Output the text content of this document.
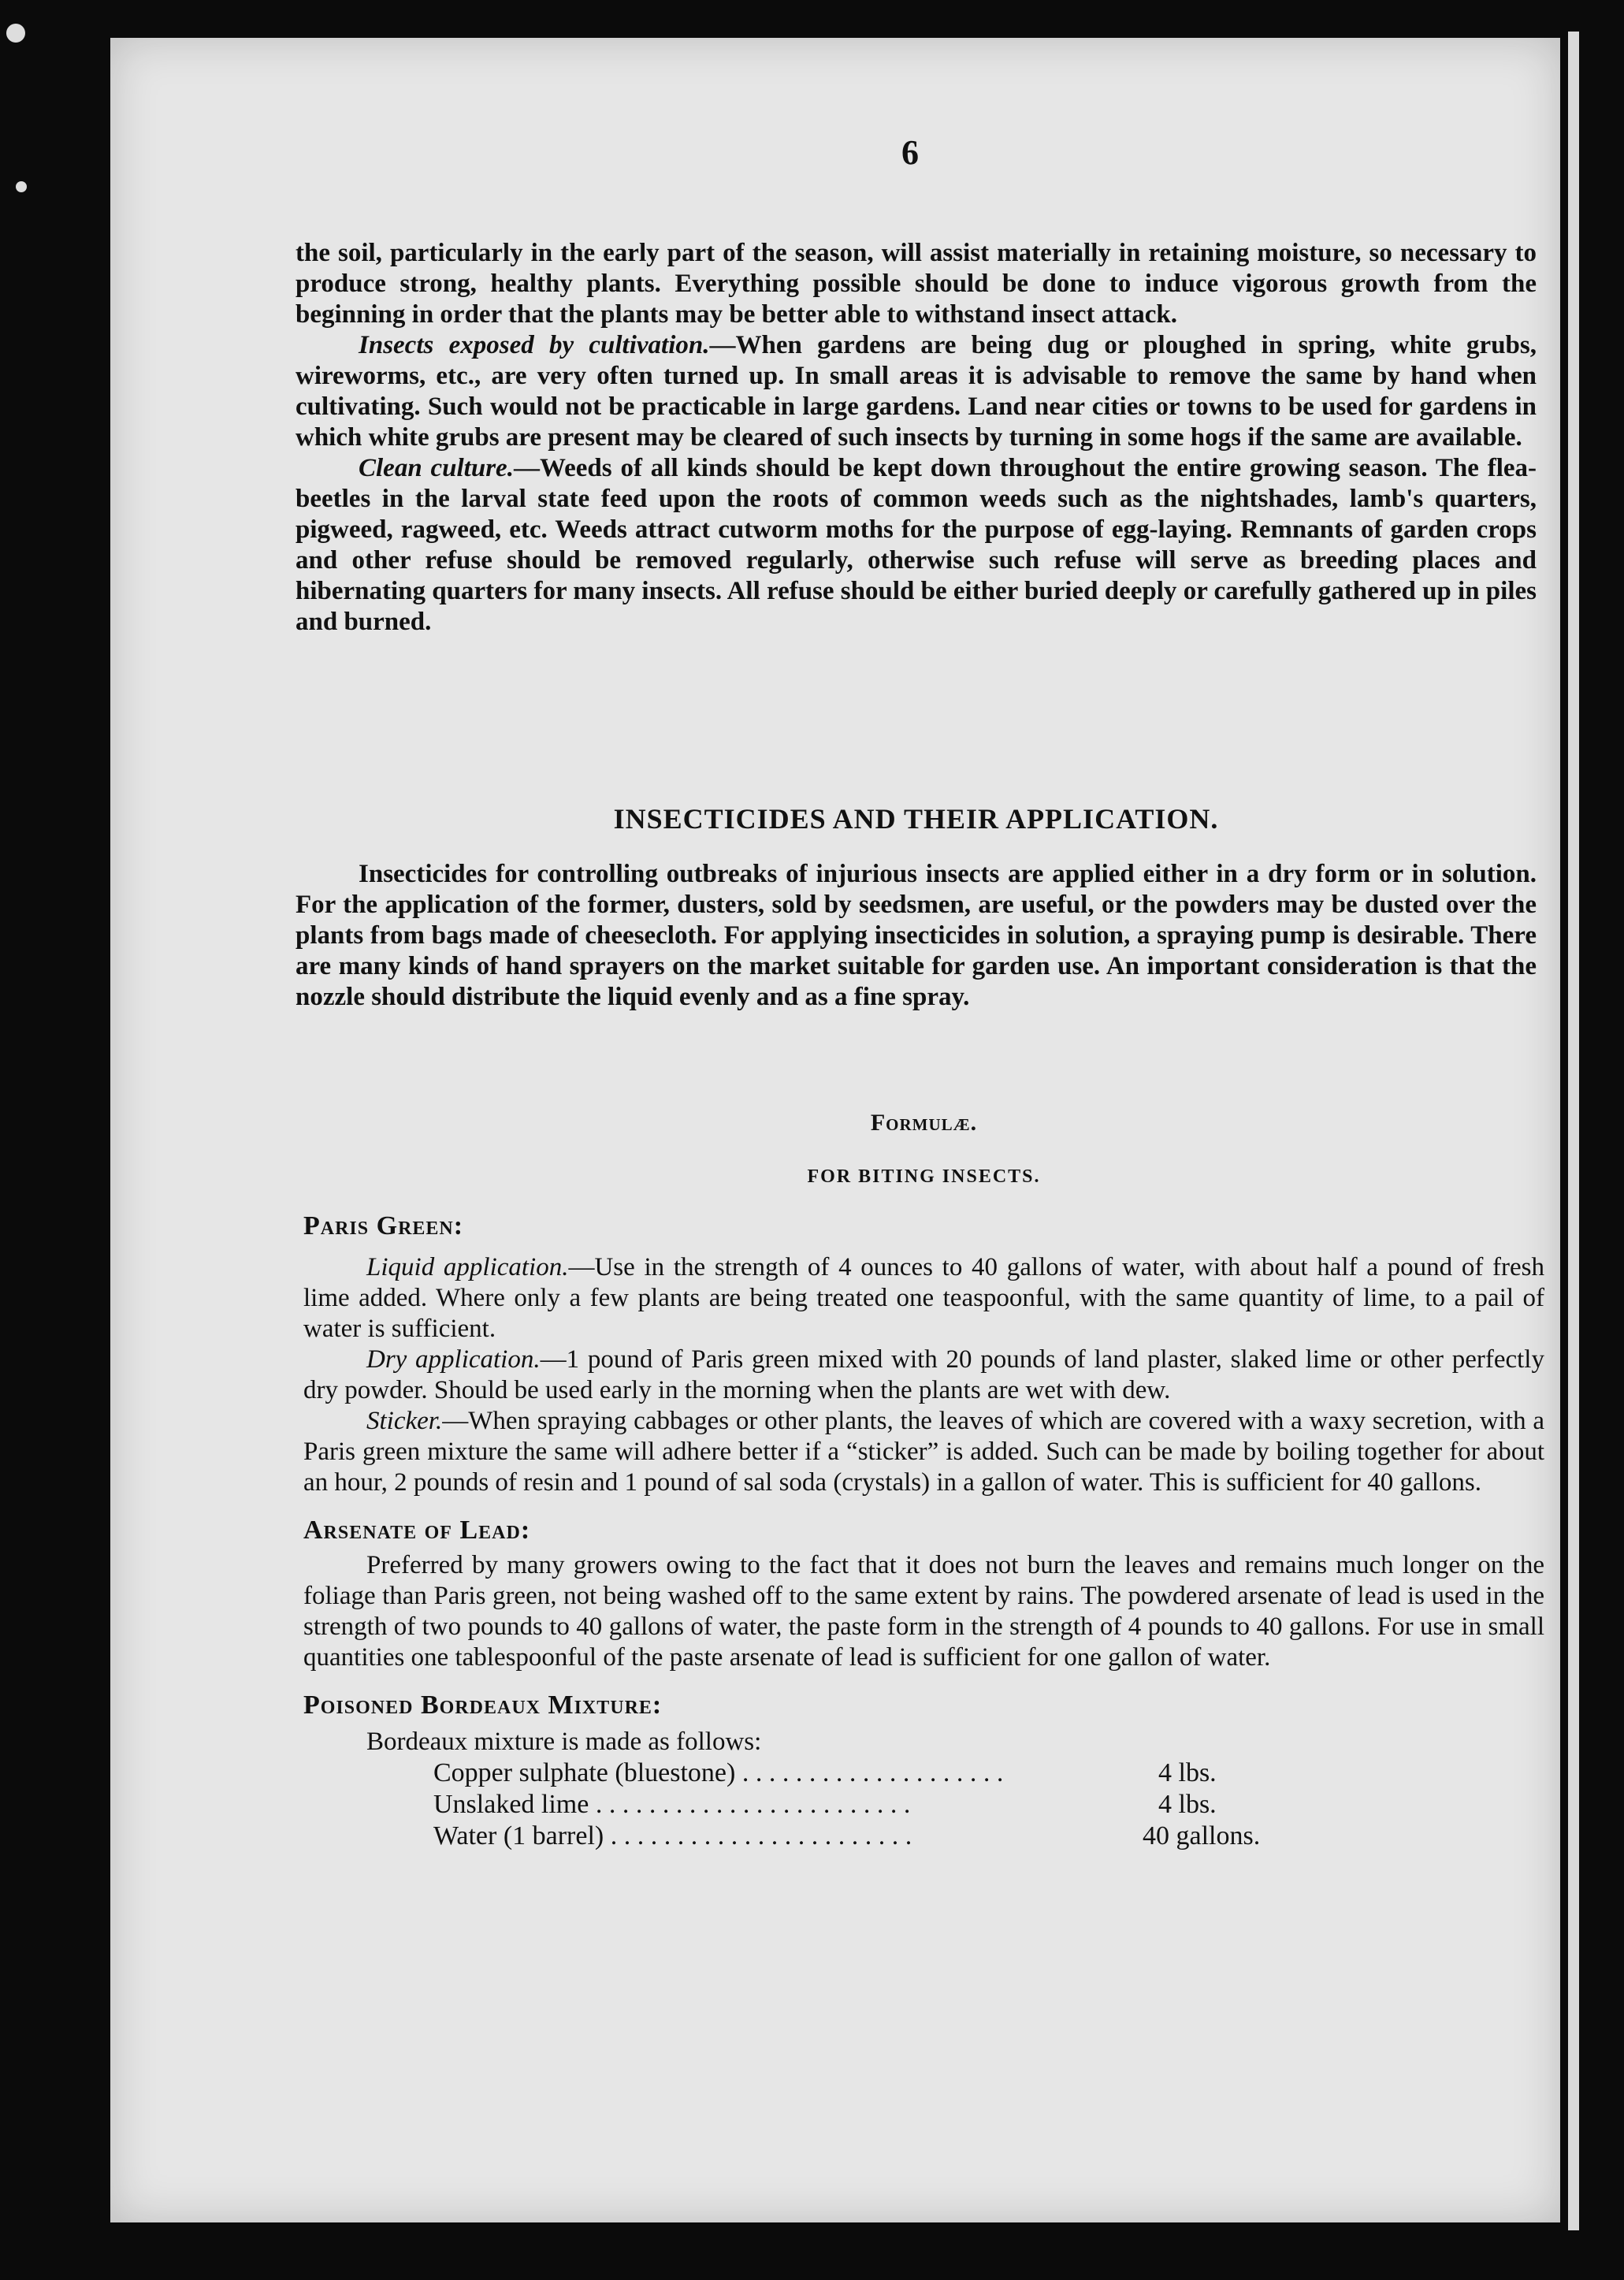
6

the soil, particularly in the early part of the season, will assist materially in retaining moisture, so necessary to produce strong, healthy plants. Everything possible should be done to induce vigorous growth from the beginning in order that the plants may be better able to withstand insect attack.

Insects exposed by cultivation.—When gardens are being dug or ploughed in spring, white grubs, wireworms, etc., are very often turned up. In small areas it is advisable to remove the same by hand when cultivating. Such would not be practicable in large gardens. Land near cities or towns to be used for gardens in which white grubs are present may be cleared of such insects by turning in some hogs if the same are available.

Clean culture.—Weeds of all kinds should be kept down throughout the entire growing season. The flea-beetles in the larval state feed upon the roots of common weeds such as the nightshades, lamb's quarters, pigweed, ragweed, etc. Weeds attract cutworm moths for the purpose of egg-laying. Remnants of garden crops and other refuse should be removed regularly, otherwise such refuse will serve as breeding places and hibernating quarters for many insects. All refuse should be either buried deeply or carefully gathered up in piles and burned.

INSECTICIDES AND THEIR APPLICATION.

Insecticides for controlling outbreaks of injurious insects are applied either in a dry form or in solution. For the application of the former, dusters, sold by seedsmen, are useful, or the powders may be dusted over the plants from bags made of cheesecloth. For applying insecticides in solution, a spraying pump is desirable. There are many kinds of hand sprayers on the market suitable for garden use. An important consideration is that the nozzle should distribute the liquid evenly and as a fine spray.

Formulæ.
FOR BITING INSECTS.
Paris Green:

Liquid application.—Use in the strength of 4 ounces to 40 gallons of water, with about half a pound of fresh lime added. Where only a few plants are being treated one teaspoonful, with the same quantity of lime, to a pail of water is sufficient.

Dry application.—1 pound of Paris green mixed with 20 pounds of land plaster, slaked lime or other perfectly dry powder. Should be used early in the morning when the plants are wet with dew.

Sticker.—When spraying cabbages or other plants, the leaves of which are covered with a waxy secretion, with a Paris green mixture the same will adhere better if a “sticker” is added. Such can be made by boiling together for about an hour, 2 pounds of resin and 1 pound of sal soda (crystals) in a gallon of water. This is sufficient for 40 gallons.

Arsenate of Lead:

Preferred by many growers owing to the fact that it does not burn the leaves and remains much longer on the foliage than Paris green, not being washed off to the same extent by rains. The powdered arsenate of lead is used in the strength of two pounds to 40 gallons of water, the paste form in the strength of 4 pounds to 40 gallons. For use in small quantities one tablespoonful of the paste arsenate of lead is sufficient for one gallon of water.

Poisoned Bordeaux Mixture:

Bordeaux mixture is made as follows:

Copper sulphate (bluestone) . . . . . . . . . . . . . . . . . . . .	4 lbs.
Unslaked lime . . . . . . . . . . . . . . . . . . . . . . . .	4 lbs.
Water (1 barrel) . . . . . . . . . . . . . . . . . . . . . . .	40 gallons.
